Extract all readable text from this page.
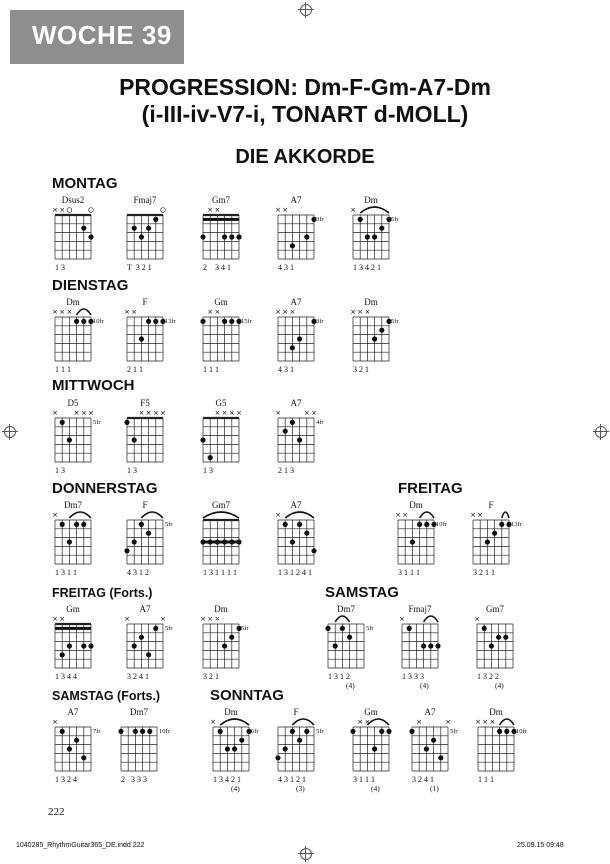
WOCHE 39
PROGRESSION: Dm-F-Gm-A7-Dm
(i-III-iv-V7-i, TONART d-MOLL)
DIE AKKORDE
MONTAG
DIENSTAG
MITTWOCH
DONNERSTAG	FREITAG
FREITAG (Forts.)	SAMSTAG
SAMSTAG (Forts.)	SONNTAG
Dsus2
× ×
1 3
Fmaj7
T  3 2 1
Gm7
× ×
2    3 4 1
A7
× ×
3fr
4 3 1
Dm
×
5fr
1 3 4 2 1
Dm
× × ×
10fr
1 1 1
F
× ×
13fr
2 1 1
Gm
× ×
15fr
1 1 1
A7
× × ×
3fr
4 3 1
Dm
× × ×
5fr
3 2 1
D5
× × × ×
5fr
1 3
F5
× × × ×
1 3
G5
× × × ×
1 3
A7
×	× ×
4fr
2 1 3
Dm7
×
1 3 1 1
F
5fr
4 3 1 2
Gm7
1 3 1 1 1 1
A7
×
1 3 1 2 4 1
Dm
× ×
10fr
3 1 1 1
F
× ×
13fr
3 2 1 1
Gm
× ×
1 3 4 4
A7
×	×
5fr
3 2 4 1
Dm
× × ×
5fr
3 2 1
Dm7
5fr
1 3 1 2
(4)
Fmaj7
×
1 3 3 3
(4)
Gm7
×
1 3 2 2
(4)
A7
×
7fr
1 3 2 4
Dm7
10fr
2   3 3 3
Dm
×
6fr
1 3 4 2 1
(4)
F
5fr
4 3 1 2 1
(3)
Gm
× ×
3 1 1 1
(4)
A7
×	×
5fr
3 2 4 1
(1)
Dm
× × ×
10fr
1 1 1
222
1040285_RhythmGuitar365_DE.indd 222	25.09.15 09:48
